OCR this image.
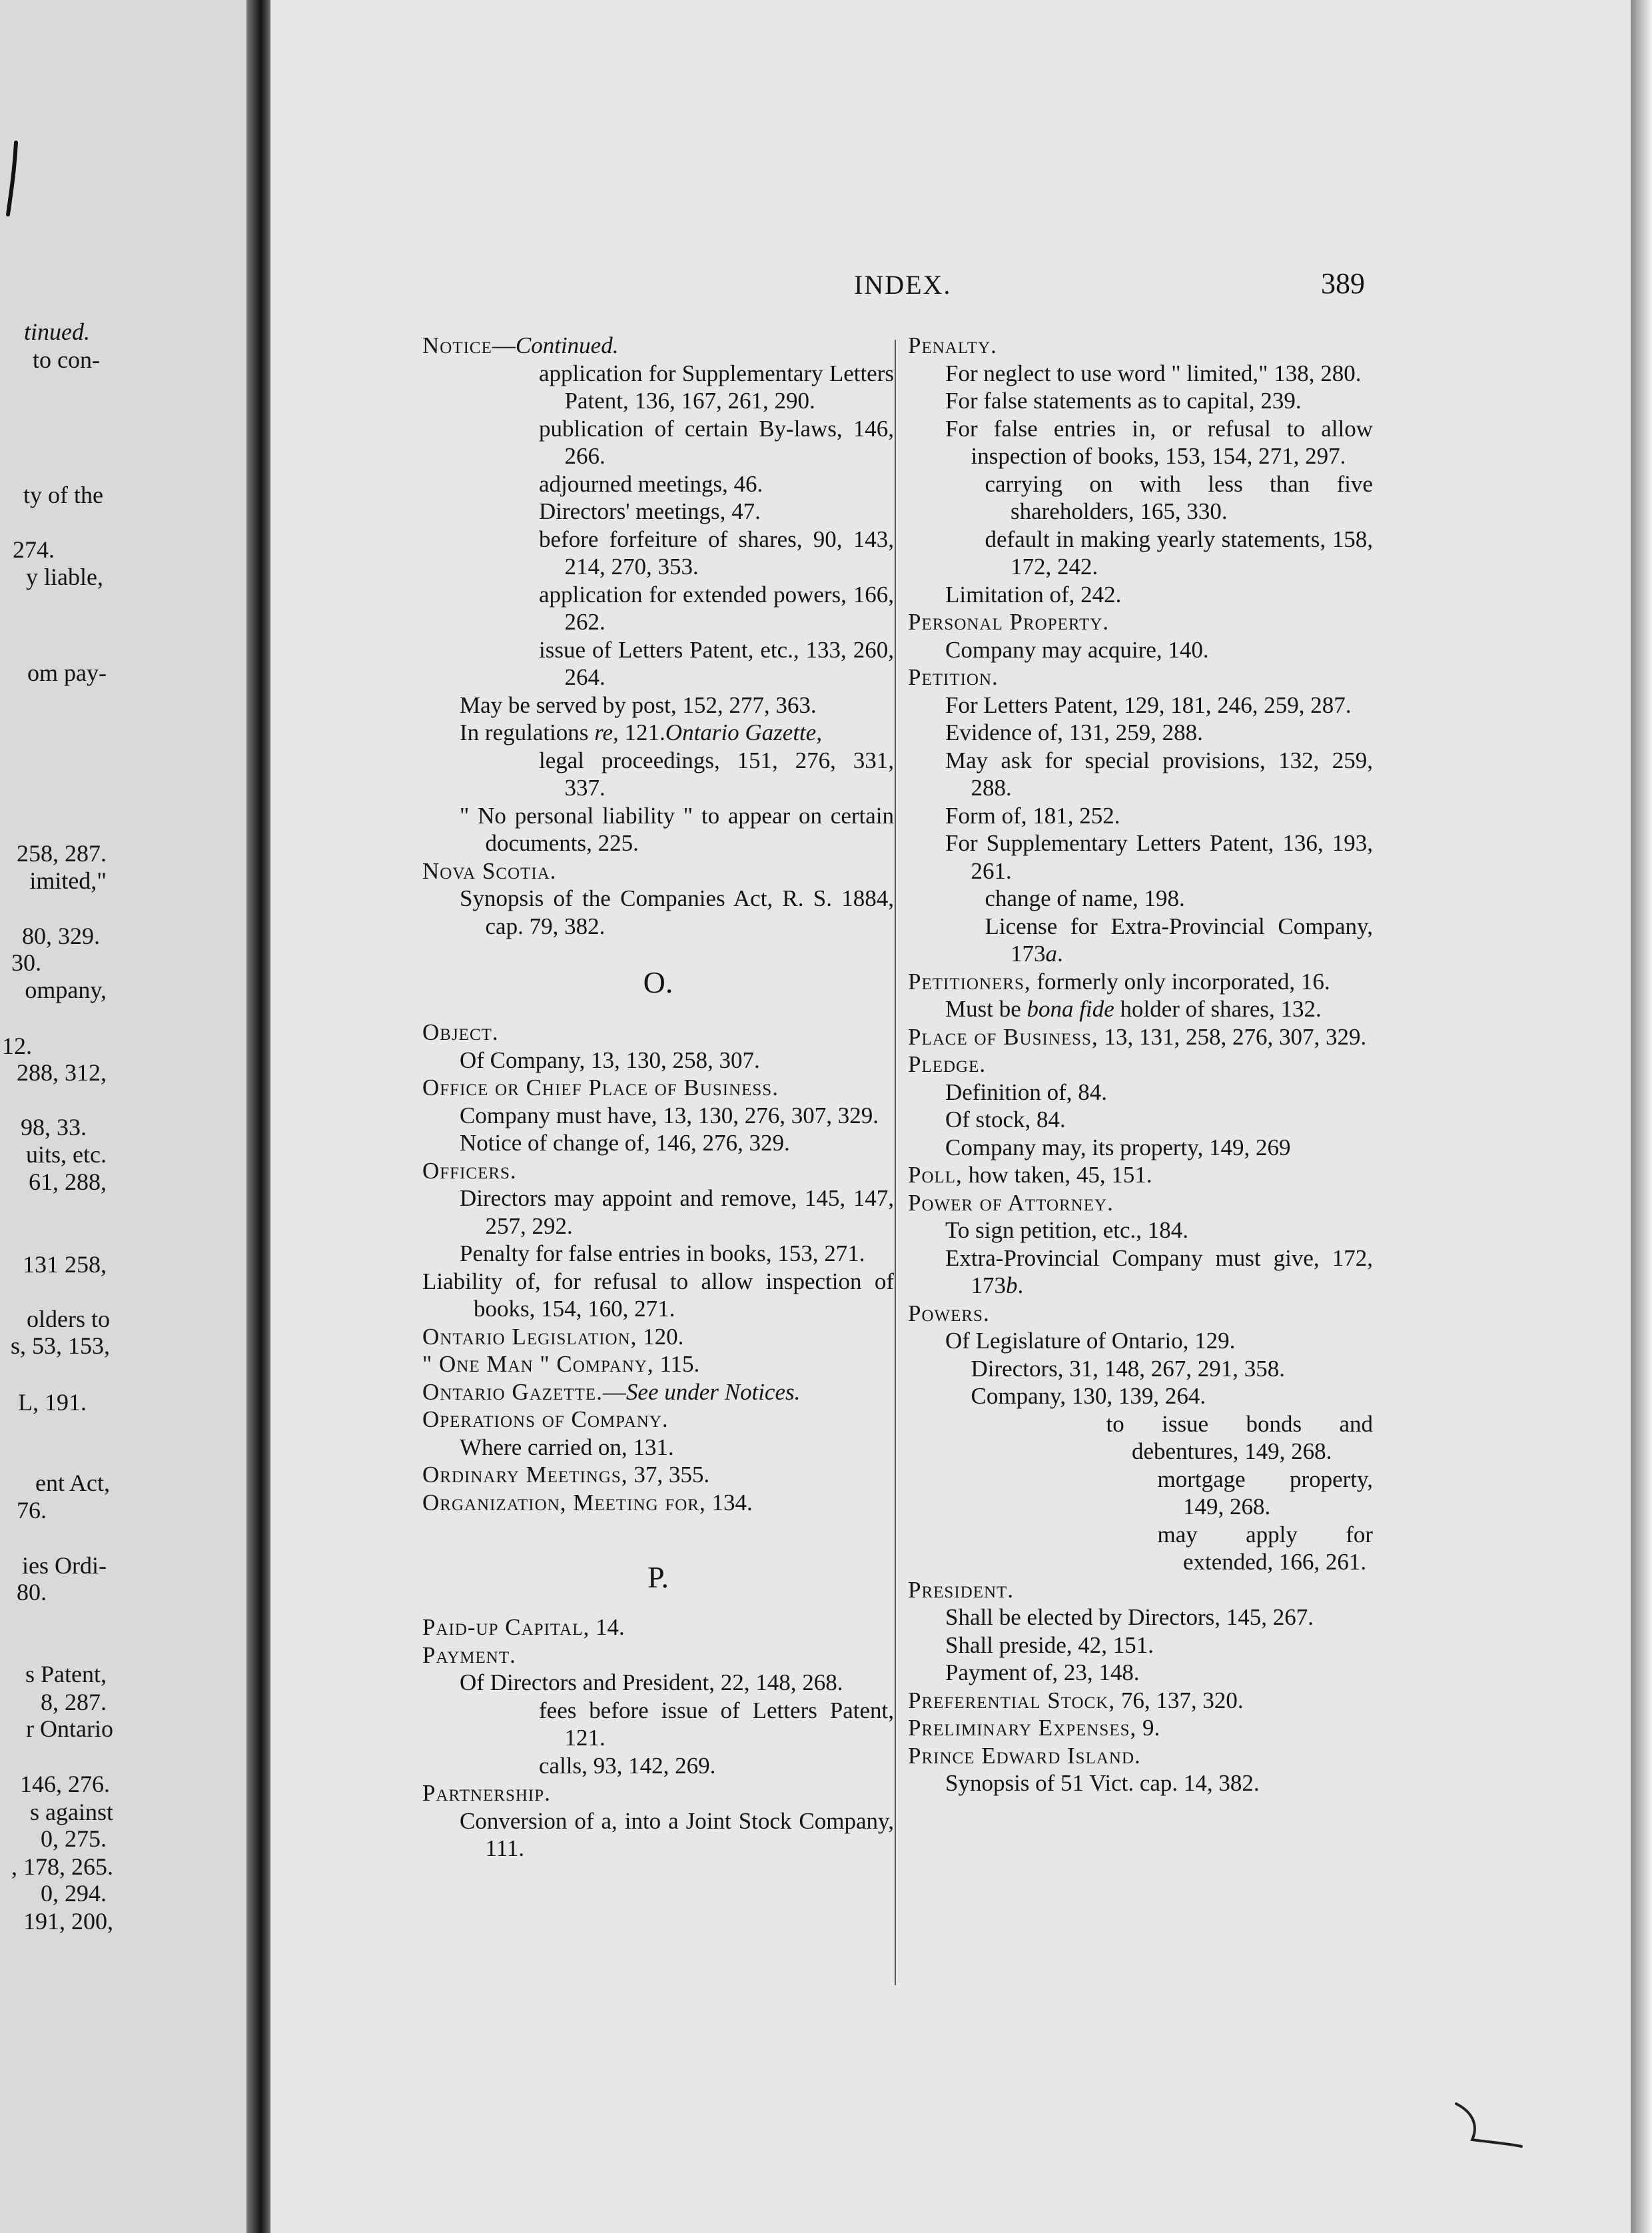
tinued.
to con-
ty of the
274.
y liable,
om pay-
258, 287.
imited,"
80, 329.
30.
ompany,
12.
288, 312,
98, 33.
uits, etc.
61, 288,
131 258,
olders to
s, 53, 153,
L, 191.
ent Act,
76.
ies Ordi-
80.
s Patent,
8, 287.
r Ontario
146, 276.
s against
0, 275.
, 178, 265.
0, 294.
191, 200,
INDEX.	389
Notice—Continued.
application for Supplementary Letters Patent, 136, 167, 261, 290.
publication of certain By-laws, 146, 266.
adjourned meetings, 46.
Directors' meetings, 47.
before forfeiture of shares, 90, 143, 214, 270, 353.
application for extended powers, 166, 262.
issue of Letters Patent, etc., 133, 260, 264.
May be served by post, 152, 277, 363.
In regulations re, 121.Ontario Gazette,
legal proceedings, 151, 276, 331, 337.
" No personal liability " to appear on certain documents, 225.
Nova Scotia.
Synopsis of the Companies Act, R. S. 1884, cap. 79, 382.
O.
Object.
Of Company, 13, 130, 258, 307.
Office or Chief Place of Business.
Company must have, 13, 130, 276, 307, 329.
Notice of change of, 146, 276, 329.
Officers.
Directors may appoint and remove, 145, 147, 257, 292.
Penalty for false entries in books, 153, 271.
Liability of, for refusal to allow inspection of books, 154, 160, 271.
Ontario Legislation, 120.
" One Man " Company, 115.
Ontario Gazette.—See under Notices.
Operations of Company.
Where carried on, 131.
Ordinary Meetings, 37, 355.
Organization, Meeting for, 134.
P.
Paid-up Capital, 14.
Payment.
Of Directors and President, 22, 148, 268.
fees before issue of Letters Patent, 121.
calls, 93, 142, 269.
Partnership.
Conversion of a, into a Joint Stock Company, 111.
Penalty.
For neglect to use word " limited," 138, 280.
For false statements as to capital, 239.
For false entries in, or refusal to allow inspection of books, 153, 154, 271, 297.
carrying on with less than five shareholders, 165, 330.
default in making yearly statements, 158, 172, 242.
Limitation of, 242.
Personal Property.
Company may acquire, 140.
Petition.
For Letters Patent, 129, 181, 246, 259, 287.
Evidence of, 131, 259, 288.
May ask for special provisions, 132, 259, 288.
Form of, 181, 252.
For Supplementary Letters Patent, 136, 193, 261.
change of name, 198.
License for Extra-Provincial Company, 173a.
Petitioners, formerly only incorporated, 16.
Must be bona fide holder of shares, 132.
Place of Business, 13, 131, 258, 276, 307, 329.
Pledge.
Definition of, 84.
Of stock, 84.
Company may, its property, 149, 269
Poll, how taken, 45, 151.
Power of Attorney.
To sign petition, etc., 184.
Extra-Provincial Company must give, 172, 173b.
Powers.
Of Legislature of Ontario, 129.
Directors, 31, 148, 267, 291, 358.
Company, 130, 139, 264.
to issue bonds and debentures, 149, 268.
mortgage property, 149, 268.
may apply for extended, 166, 261.
President.
Shall be elected by Directors, 145, 267.
Shall preside, 42, 151.
Payment of, 23, 148.
Preferential Stock, 76, 137, 320.
Preliminary Expenses, 9.
Prince Edward Island.
Synopsis of 51 Vict. cap. 14, 382.
